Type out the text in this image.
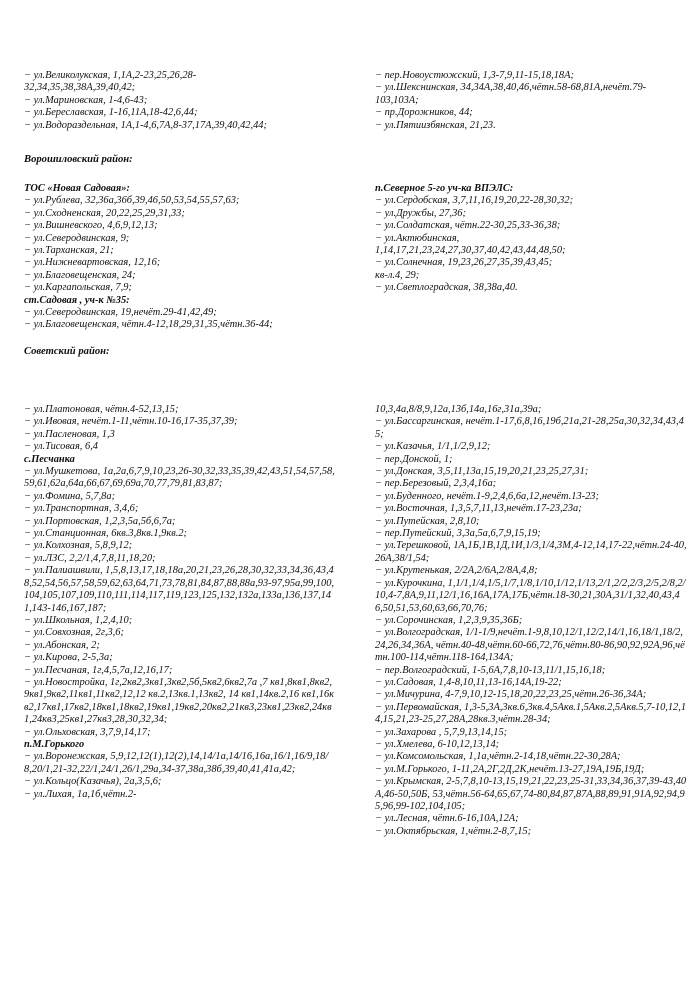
− ул.Великолукская, 1,1А,2-23,25,26,28-
32,34,35,38,38А,39,40,42;
− ул.Мариновская, 1-4,6-43;
− ул.Береславская, 1-16,11А,18-42,6,44;
− ул.Водораздельная, 1А,1-4,6,7А,8-37,17А,39,40,42,44;
− пер.Новоустюжский, 1,3-7,9,11-15,18,18А;
− ул.Шекснинская, 34,34А,38,40,46,чётн.58-68,81А,нечёт.79-
103,103А;
− пр.Дорожников, 44;
− ул.Пятиизбянская, 21,23.
Ворошиловский район:
ТОС «Новая Садовая»:
− ул.Рублева, 32,36а,36б,39,46,50,53,54,55,57,63;
− ул.Сходненская, 20,22,25,29,31,33;
− ул.Вишневского, 4,6,9,12,13;
− ул.Северодвинская, 9;
− ул.Тарханская, 21;
− ул.Нижневартовская, 12,16;
− ул.Благовещенская, 24;
− ул.Каргапольская, 7,9;
ст.Садовая , уч-к №35:
− ул.Северодвинская, 19,нечёт.29-41,42,49;
− ул.Благовещенская, чётн.4-12,18,29,31,35,чётн.36-44;
п.Северное 5-го уч-ка ВПЭЛС:
− ул.Сердобская, 3,7,11,16,19,20,22-28,30,32;
− ул.Дружбы, 27,36;
− ул.Солдатская, чётн.22-30,25,33-36,38;
− ул.Актюбинская,
1,14,17,21,23,24,27,30,37,40,42,43,44,48,50;
− ул.Солнечная, 19,23,26,27,35,39,43,45;
кв-л.4, 29;
− ул.Светлоградская, 38,38а,40.
Советский район:
− ул.Платоновая, чётн.4-52,13,15;
− ул.Ивовая, нечёт.1-11,чётн.10-16,17-35,37,39;
− ул.Пасленовая, 1,3
− ул.Тисовая, 6,4
с.Песчанка
− ул.Мушкетова, 1а,2а,6,7,9,10,23,26-30,32,33,35,39,42,43,51,54,57,58,59,61,62а,64а,66,67,69,69а,70,77,79,81,83,87;
− ул.Фомина, 5,7,8а;
− ул.Транспортная, 3,4,6;
− ул.Портовская, 1,2,3,5а,5б,6,7а;
− ул.Станционная, 6кв.3,8кв.1,9кв.2;
− ул.Колхозная, 5,8,9,12;
− ул.ЛЗС, 2,2/1,4,7,8,11,18,20;
− ул.Палиашвили, 1,5,8,13,17,18,18а,20,21,23,26,28,30,32,33,34,36,43,48,52,54,56,57,58,59,62,63,64,71,73,78,81,84,87,88,88а,93-97,95а,99,100,104,105,107,109,110,111,114,117,119,123,125,132,132а,133а,136,137,141,143-146,167,187;
− ул.Школьная, 1,2,4,10;
− ул.Совхозная, 2г,3,6;
− ул.Абонская, 2;
− ул.Кирова, 2-5,3а;
− ул.Песчаная, 1г,4,5,7а,12,16,17;
− ул.Новостройка, 1г,2кв2,3кв1,3кв2,5б,5кв2,6кв2,7а ,7 кв1,8кв1,8кв2,9кв1,9кв2,11кв1,11кв2,12,12 кв.2,13кв.1,13кв2, 14 кв1,14кв.2,16 кв1,16кв2,17кв1,17кв2,18кв1,18кв2,19кв1,19кв2,20кв2,21кв3,23кв1,23кв2,24кв1,24кв3,25кв1,27кв3,28,30,32,34;
− ул.Ольховская, 3,7,9,14,17;
п.М.Горького
− ул.Воронежская, 5,9,12,12(1),12(2),14,14/1а,14/16,16а,16/1,16/9,18/8,20/1,21-32,22/1,24/1,26/1,29а,34-37,38а,38б,39,40,41,41а,42;
− ул.Кольцо(Казачья), 2а,3,5,6;
− ул.Лихая, 1а,1б,чётн.2-
10,3,4а,8/8,9,12а,13б,14а,16г,31а,39а;
− ул.Бассаргинская, нечёт.1-17,6,8,16,19б,21а,21-28,25а,30,32,34,43,45;
− ул.Казачья, 1/1,1/2,9,12;
− пер.Донской, 1;
− ул.Донская, 3,5,11,13а,15,19,20,21,23,25,27,31;
− пер.Березовый, 2,3,4,16а;
− ул.Буденного, нечёт.1-9,2,4,6,6а,12,нечёт.13-23;
− ул.Восточная, 1,3,5,7,11,13,нечёт.17-23,23а;
− ул.Путейская, 2,8,10;
− пер.Путейский, 3,3а,5а,6,7,9,15,19;
− ул.Терешковой, 1А,1Б,1В,1Д,1И,1/3,1/4,3М,4-12,14,17-22,чётн.24-40,26А,38/1,54;
− ул.Крутенькая, 2/2А,2/6А,2/8А,4,8;
− ул.Курочкина, 1,1/1,1/4,1/5,1/7,1/8,1/10,1/12,1/13,2/1,2/2,2/3,2/5,2/8,2/10,4-7,8А,9,11,12/1,16,16А,17А,17Б,чётн.18-30,21,30А,31/1,32,40,43,46,50,51,53,60,63,66,70,76;
− ул.Сорочинская, 1,2,3,9,35,36Б;
− ул.Волгоградская, 1/1-1/9,нечёт.1-9,8,10,12/1,12/2,14/1,16,18/1,18/2,24,26,34,36А, чётн.40-48,чётн.60-66,72,76,чётн.80-86,90,92,92А,96,чётн.100-114,чётн.118-164,134А;
− пер.Волгоградский, 1-5,6А,7,8,10-13,11/1,15,16,18;
− ул.Садовая, 1,4-8,10,11,13-16,14А,19-22;
− ул.Мичурина, 4-7,9,10,12-15,18,20,22,23,25,чётн.26-36,34А;
− ул.Первомайская, 1,3-5,3А,3кв.6,3кв.4,5Акв.1,5Акв.2,5Акв.5,7-10,12,14,15,21,23-25,27,28А,28кв.3,чётн.28-34;
− ул.Захарова , 5,7,9,13,14,15;
− ул.Хмелева, 6-10,12,13,14;
− ул.Комсомольская, 1,1а,чётн.2-14,18,чётн.22-30,28А;
− ул.М.Горького, 1-11,2А,2Г,2Д,2К,нечёт.13-27,19А,19Б,19Д;
− ул.Крымская, 2-5,7,8,10-13,15,19,21,22,23,25-31,33,34,36,37,39-43,40А,46-50,50Б, 53,чётн.56-64,65,67,74-80,84,87,87А,88,89,91,91А,92,94,95,96,99-102,104,105;
− ул.Лесная, чётн.6-16,10А,12А;
− ул.Октябрьская, 1,чётн.2-8,7,15;
